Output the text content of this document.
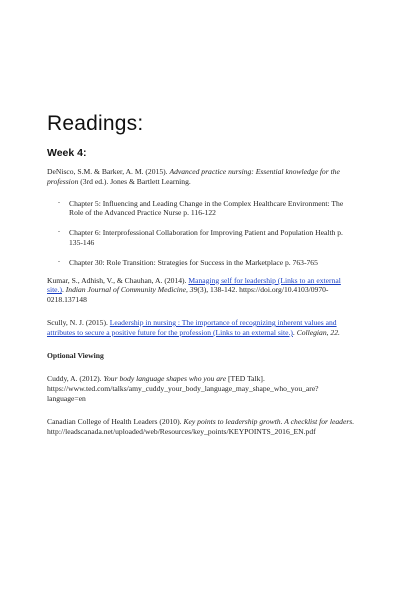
Readings:
Week 4:

DeNisco, S.M. & Barker, A. M. (2015). Advanced practice nursing: Essential knowledge for the profession (3rd ed.). Jones & Bartlett Learning.

- Chapter 5: Influencing and Leading Change in the Complex Healthcare Environment: The Role of the Advanced Practice Nurse p. 116-122
- Chapter 6: Interprofessional Collaboration for Improving Patient and Population Health p. 135-146
- Chapter 30: Role Transition: Strategies for Success in the Marketplace p. 763-765

Kumar, S., Adhish, V., & Chauhan, A. (2014). Managing self for leadership (Links to an external site.). Indian Journal of Community Medicine, 39(3), 138-142. https://doi.org/10.4103/0970-0218.137148

Scully, N. J. (2015). Leadership in nursing : The importance of recognizing inherent values and attributes to secure a positive future for the profession (Links to an external site.). Collegian, 22.

Optional Viewing

Cuddy, A. (2012). Your body language shapes who you are [TED Talk]. https://www.ted.com/talks/amy_cuddy_your_body_language_may_shape_who_you_are?language=en

Canadian College of Health Leaders (2010). Key points to leadership growth. A checklist for leaders. http://leadscanada.net/uploaded/web/Resources/key_points/KEYPOINTS_2016_EN.pdf
